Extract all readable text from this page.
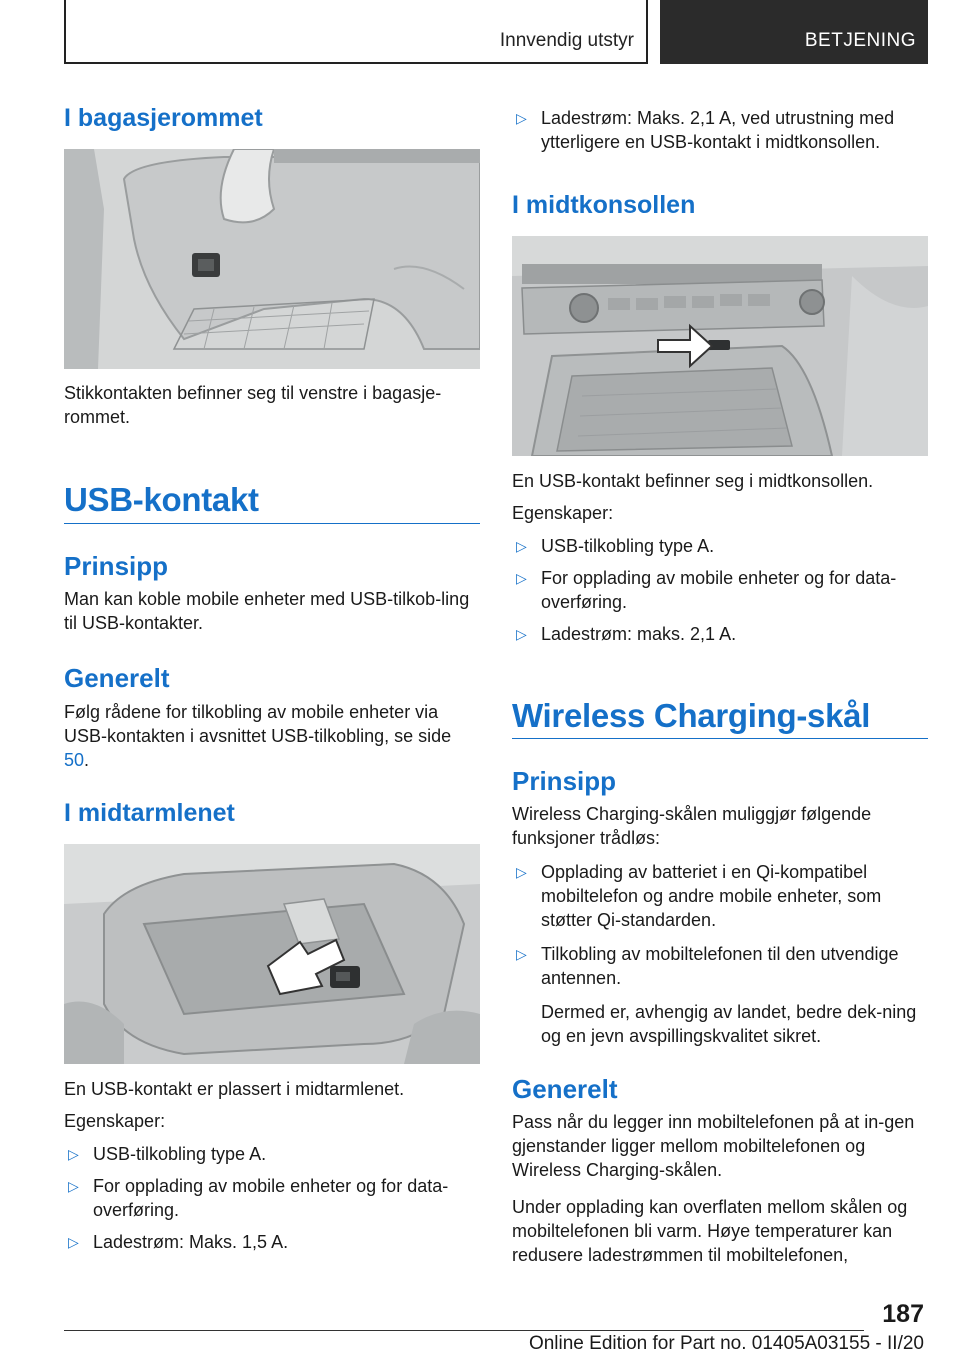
Innvendig utstyr	BETJENING
I bagasjerommet

Stikkontakten befinner seg til venstre i bagasje-rommet.

USB-kontakt
Prinsipp

Man kan koble mobile enheter med USB-tilkob-ling til USB-kontakter.

Generelt

Følg rådene for tilkobling av mobile enheter via USB-kontakten i avsnittet USB-tilkobling, se side 50.

I midtarmlenet

En USB-kontakt er plassert i midtarmlenet.

Egenskaper:

▷ USB-tilkobling type A.
▷ For opplading av mobile enheter og for data-overføring.
▷ Ladestrøm: Maks. 1,5 A.
▷ Ladestrøm: Maks. 2,1 A, ved utrustning med ytterligere en USB-kontakt i midtkonsollen.
I midtkonsollen

En USB-kontakt befinner seg i midtkonsollen.

Egenskaper:

▷ USB-tilkobling type A.
▷ For opplading av mobile enheter og for data-overføring.
▷ Ladestrøm: maks. 2,1 A.
Wireless Charging-skål
Prinsipp

Wireless Charging-skålen muliggjør følgende funksjoner trådløs:

▷ Opplading av batteriet i en Qi-kompatibel mobiltelefon og andre mobile enheter, som støtter Qi-standarden.
▷ Tilkobling av mobiltelefonen til den utvendige antennen.

Dermed er, avhengig av landet, bedre dek-ning og en jevn avspillingskvalitet sikret.

Generelt

Pass når du legger inn mobiltelefonen på at in-gen gjenstander ligger mellom mobiltelefonen og Wireless Charging-skålen.

Under opplading kan overflaten mellom skålen og mobiltelefonen bli varm. Høye temperaturer kan redusere ladestrømmen til mobiltelefonen,

187
Online Edition for Part no. 01405A03155 - II/20
